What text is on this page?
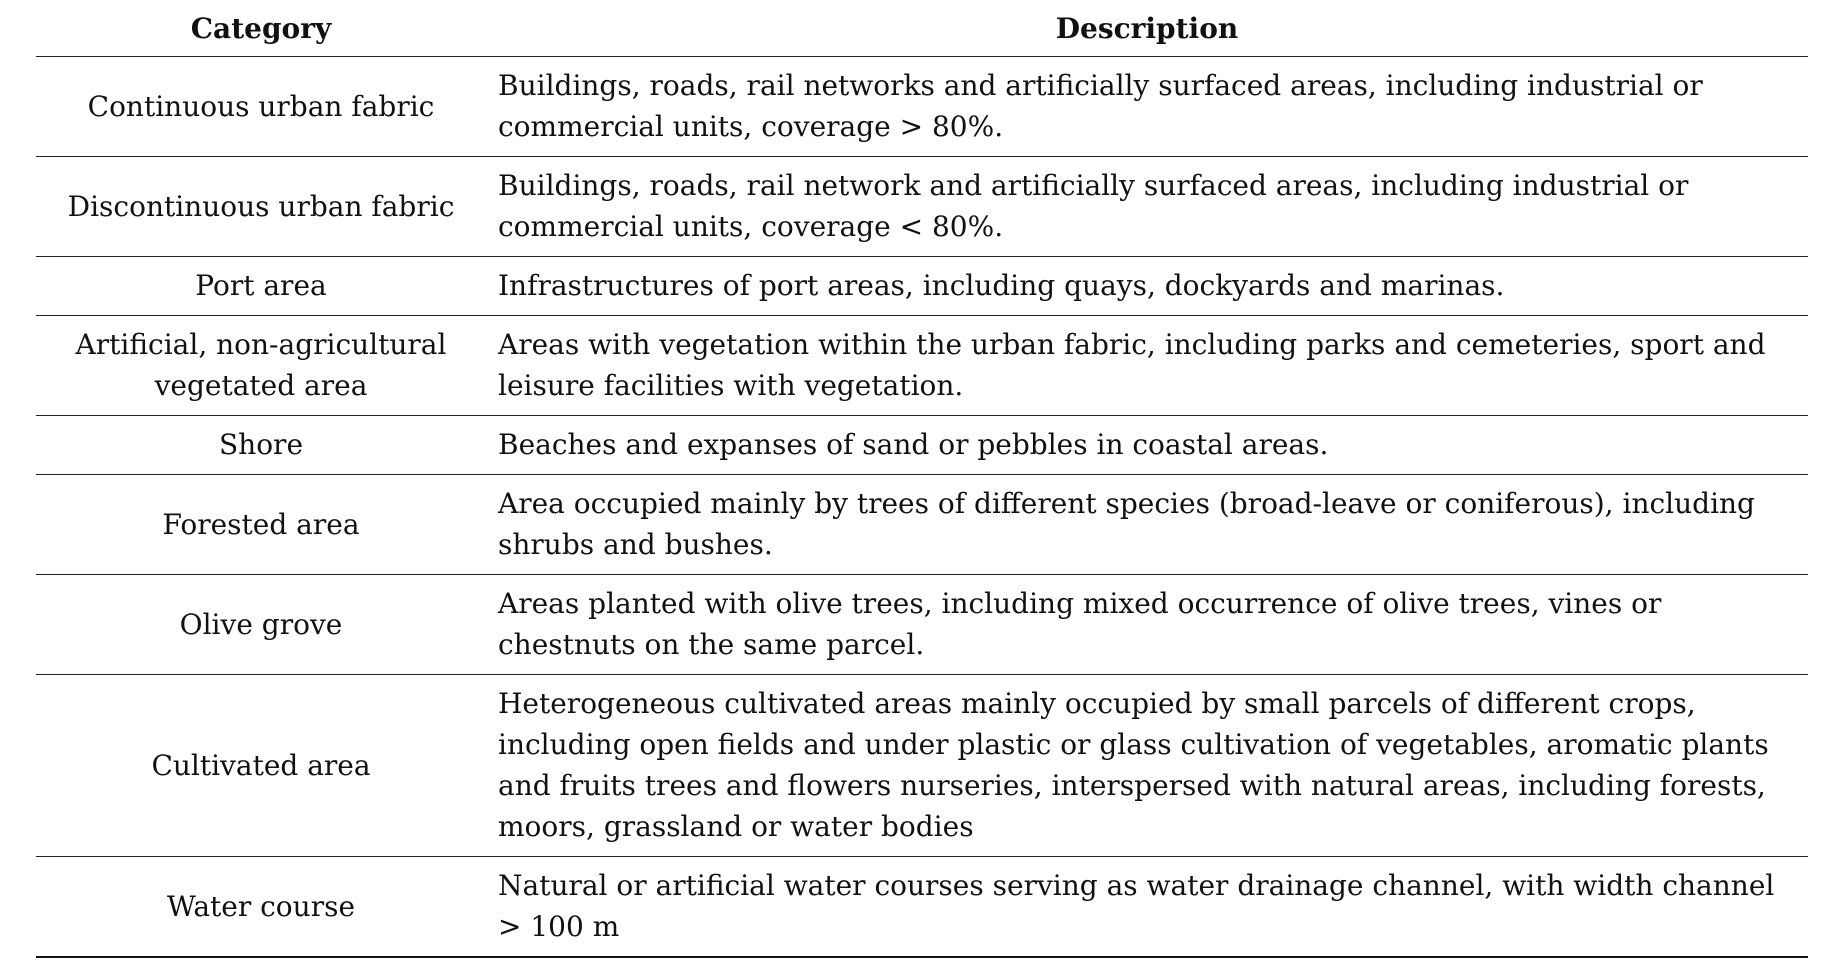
Category	Description
Continuous urban fabric	Buildings, roads, rail networks and artificially surfaced areas, including industrial or commercial units, coverage > 80%.
Discontinuous urban fabric	Buildings, roads, rail network and artificially surfaced areas, including industrial or commercial units, coverage < 80%.
Port area	Infrastructures of port areas, including quays, dockyards and marinas.
Artificial, non-agricultural vegetated area	Areas with vegetation within the urban fabric, including parks and cemeteries, sport and leisure facilities with vegetation.
Shore	Beaches and expanses of sand or pebbles in coastal areas.
Forested area	Area occupied mainly by trees of different species (broad-leave or coniferous), including shrubs and bushes.
Olive grove	Areas planted with olive trees, including mixed occurrence of olive trees, vines or chestnuts on the same parcel.
Cultivated area	Heterogeneous cultivated areas mainly occupied by small parcels of different crops, including open fields and under plastic or glass cultivation of vegetables, aromatic plants and fruits trees and flowers nurseries, interspersed with natural areas, including forests, moors, grassland or water bodies
Water course	Natural or artificial water courses serving as water drainage channel, with width channel > 100 m
